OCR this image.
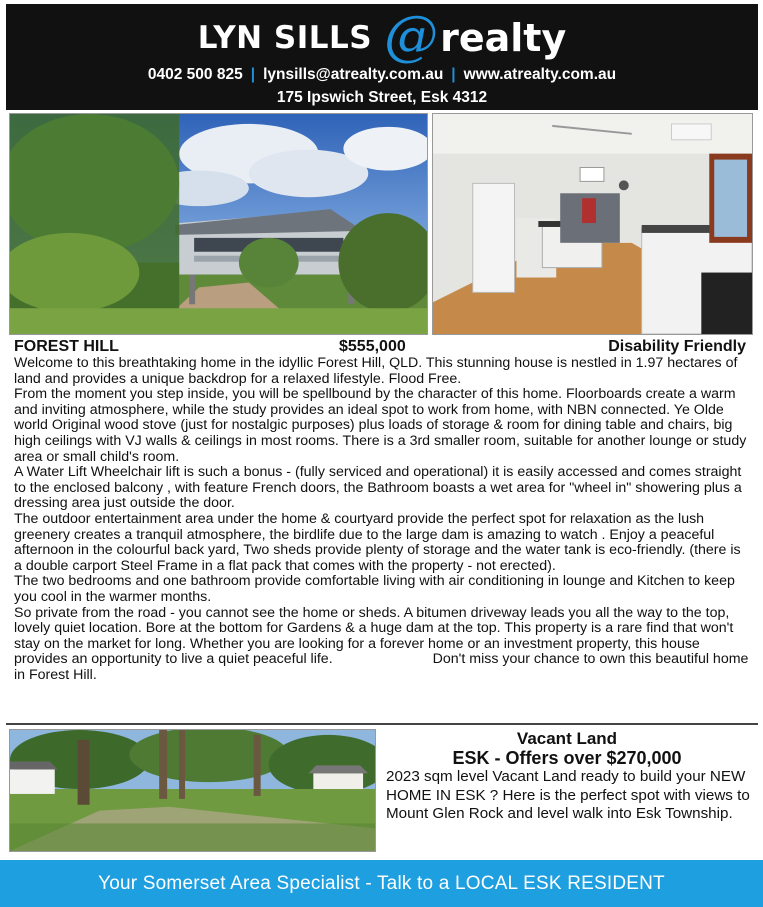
LYN SILLS @ realty
0402 500 825 | lynsills@atrealty.com.au | www.atrealty.com.au
175 Ipswich Street, Esk 4312
FOREST HILL	$555,000	Disability Friendly

Welcome to this breathtaking home in the idyllic Forest Hill, QLD. This stunning house is nestled in 1.97 hectares of land and provides a unique backdrop for a relaxed lifestyle. Flood Free.

From the moment you step inside, you will be spellbound by the character of this home. Floorboards create a warm and inviting atmosphere, while the study provides an ideal spot to work from home, with NBN connected. Ye Olde world Original wood stove (just for nostalgic purposes) plus loads of storage & room for dining table and chairs, big high ceilings with VJ walls & ceilings in most rooms. There is a 3rd smaller room, suitable for another lounge or study area or small child's room.

A Water Lift Wheelchair lift is such a bonus - (fully serviced and operational) it is easily accessed and comes straight to the enclosed balcony , with feature French doors, the Bathroom boasts a wet area for "wheel in" showering plus a dressing area just outside the door.

The outdoor entertainment area under the home & courtyard provide the perfect spot for relaxation as the lush greenery creates a tranquil atmosphere, the birdlife due to the large dam is amazing to watch . Enjoy a peaceful afternoon in the colourful back yard, Two sheds provide plenty of storage and the water tank is eco-friendly. (there is a double carport Steel Frame in a flat pack that comes with the property - not erected).

The two bedrooms and one bathroom provide comfortable living with air conditioning in lounge and Kitchen to keep you cool in the warmer months.

So private from the road - you cannot see the home or sheds. A bitumen driveway leads you all the way to the top, lovely quiet location. Bore at the bottom for Gardens & a huge dam at the top. This property is a rare find that won't stay on the market for long. Whether you are looking for a forever home or an investment property, this house provides an opportunity to live a quiet peaceful life.	Don't miss your chance to own this beautiful home in Forest Hill.

Vacant Land
ESK - Offers over $270,000
2023 sqm level Vacant Land ready to build your NEW HOME IN ESK ? Here is the perfect spot with views to Mount Glen Rock and level walk into Esk Township.
Your Somerset Area Specialist - Talk to a LOCAL ESK RESIDENT
